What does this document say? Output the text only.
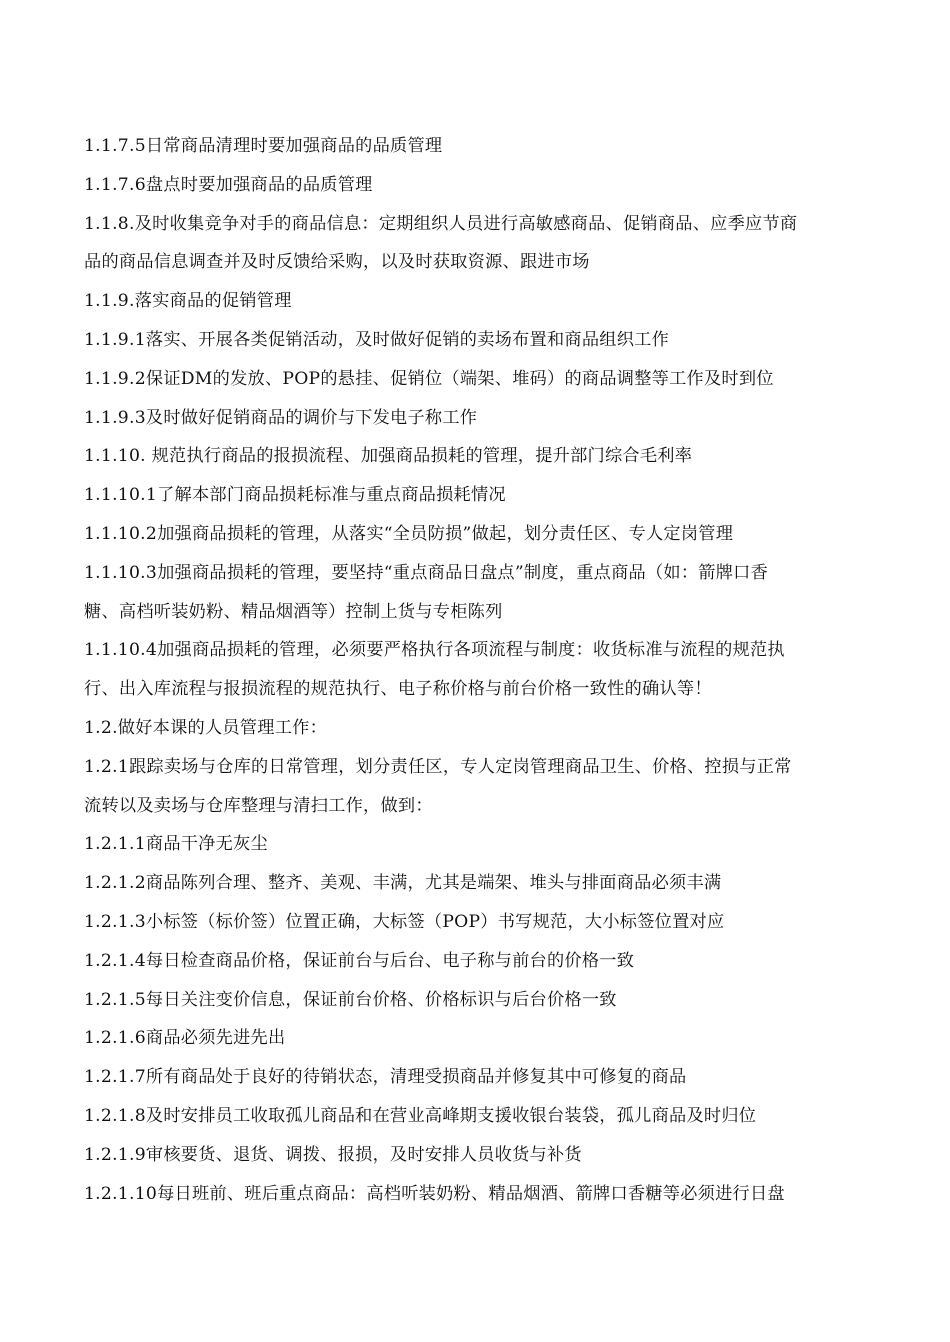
1.1.7.5日常商品清理时要加强商品的品质管理
1.1.7.6盘点时要加强商品的品质管理
1.1.8.及时收集竞争对手的商品信息：定期组织人员进行高敏感商品、促销商品、应季应节商
品的商品信息调查并及时反馈给采购，以及时获取资源、跟进市场
1.1.9.落实商品的促销管理
1.1.9.1落实、开展各类促销活动，及时做好促销的卖场布置和商品组织工作
1.1.9.2保证DM的发放、POP的悬挂、促销位（端架、堆码）的商品调整等工作及时到位
1.1.9.3及时做好促销商品的调价与下发电子称工作
1.1.10. 规范执行商品的报损流程、加强商品损耗的管理，提升部门综合毛利率
1.1.10.1了解本部门商品损耗标准与重点商品损耗情况
1.1.10.2加强商品损耗的管理，从落实“全员防损”做起，划分责任区、专人定岗管理
1.1.10.3加强商品损耗的管理，要坚持“重点商品日盘点”制度，重点商品（如：箭牌口香
糖、高档听装奶粉、精品烟酒等）控制上货与专柜陈列
1.1.10.4加强商品损耗的管理，必须要严格执行各项流程与制度：收货标准与流程的规范执
行、出入库流程与报损流程的规范执行、电子称价格与前台价格一致性的确认等！
1.2.做好本课的人员管理工作：
1.2.1跟踪卖场与仓库的日常管理，划分责任区，专人定岗管理商品卫生、价格、控损与正常
流转以及卖场与仓库整理与清扫工作，做到：
1.2.1.1商品干净无灰尘
1.2.1.2商品陈列合理、整齐、美观、丰满，尤其是端架、堆头与排面商品必须丰满
1.2.1.3小标签（标价签）位置正确，大标签（POP）书写规范，大小标签位置对应
1.2.1.4每日检查商品价格，保证前台与后台、电子称与前台的价格一致
1.2.1.5每日关注变价信息，保证前台价格、价格标识与后台价格一致
1.2.1.6商品必须先进先出
1.2.1.7所有商品处于良好的待销状态，清理受损商品并修复其中可修复的商品
1.2.1.8及时安排员工收取孤儿商品和在营业高峰期支援收银台装袋，孤儿商品及时归位
1.2.1.9审核要货、退货、调拨、报损，及时安排人员收货与补货
1.2.1.10每日班前、班后重点商品：高档听装奶粉、精品烟酒、箭牌口香糖等必须进行日盘
